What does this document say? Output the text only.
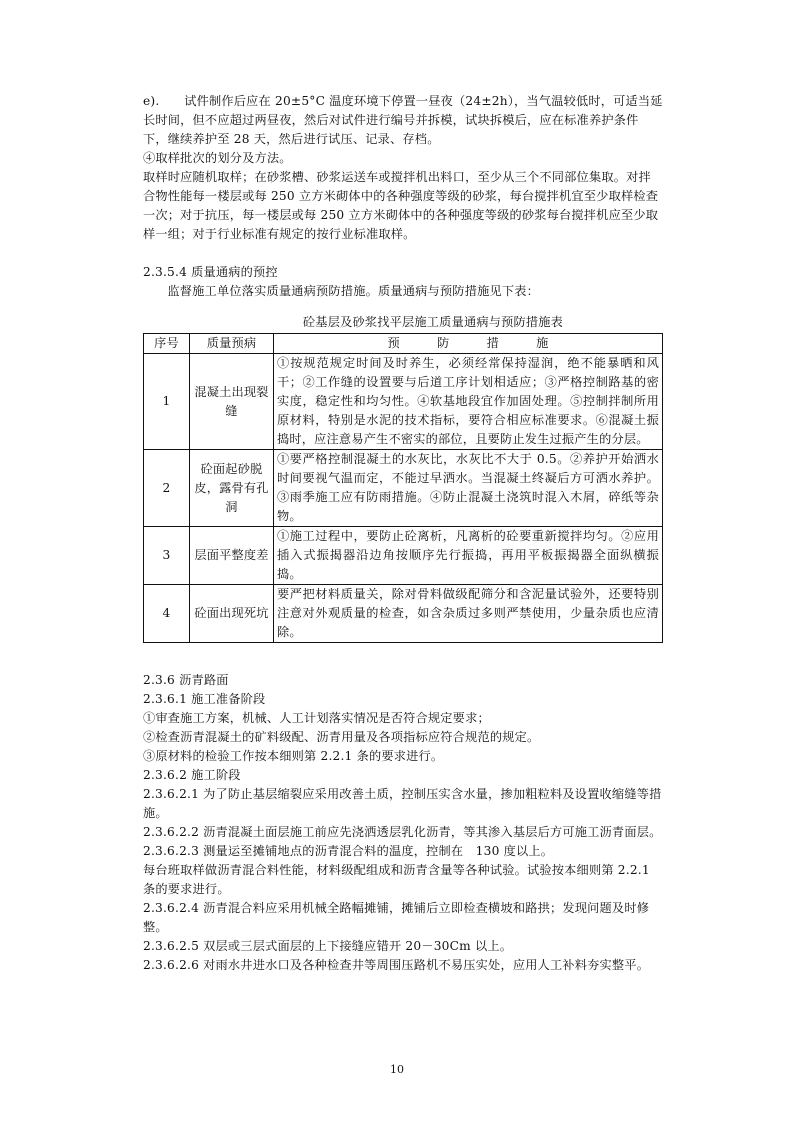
e).　　试件制作后应在 20±5°C 温度环境下停置一昼夜（24±2h），当气温较低时，可适当延长时间，但不应超过两昼夜，然后对试件进行编号并拆模，试块拆模后，应在标准养护条件下，继续养护至 28 天，然后进行试压、记录、存档。

④取样批次的划分及方法。

取样时应随机取样；在砂浆槽、砂浆运送车或搅拌机出料口，至少从三个不同部位集取。对拌合物性能每一楼层或每 250 立方米砌体中的各种强度等级的砂浆，每台搅拌机宜至少取样检查一次；对于抗压，每一楼层或每 250 立方米砌体中的各种强度等级的砂浆每台搅拌机应至少取样一组；对于行业标准有规定的按行业标准取样。

2.3.5.4 质量通病的预控

监督施工单位落实质量通病预防措施。质量通病与预防措施见下表：

砼基层及砂浆找平层施工质量通病与预防措施表
序号	质量预病	预　　　防　　　措　　　施
1	混凝土出现裂缝	①按规范规定时间及时养生，必须经常保持湿润，绝不能暴晒和风干；②工作缝的设置要与后道工序计划相适应；③严格控制路基的密实度，稳定性和均匀性。④软基地段宜作加固处理。⑤控制拌制所用原材料，特别是水泥的技术指标，要符合相应标准要求。⑥混凝土振捣时，应注意易产生不密实的部位，且要防止发生过振产生的分层。
2	砼面起砂脱皮，露骨有孔洞	①要严格控制混凝土的水灰比，水灰比不大于 0.5。②养护开始洒水时间要视气温而定，不能过早洒水。当混凝土终凝后方可洒水养护。③雨季施工应有防雨措施。④防止混凝土浇筑时混入木屑，碎纸等杂物。
3	层面平整度差	①施工过程中，要防止砼离析，凡离析的砼要重新搅拌均匀。②应用插入式振揭器沿边角按顺序先行振捣，再用平板振揭器全面纵横振捣。
4	砼面出现死坑	要严把材料质量关，除对骨料做级配筛分和含泥量试验外，还要特别注意对外观质量的检查，如含杂质过多则严禁使用，少量杂质也应清除。

2.3.6 沥青路面

2.3.6.1 施工准备阶段

①审查施工方案，机械、人工计划落实情况是否符合规定要求；

②检查沥青混凝土的矿料级配、沥青用量及各项指标应符合规范的规定。

③原材料的检验工作按本细则第 2.2.1 条的要求进行。

2.3.6.2 施工阶段

2.3.6.2.1 为了防止基层缩裂应采用改善土质，控制压实含水量，掺加粗粒料及设置收缩缝等措施。

2.3.6.2.2 沥青混凝土面层施工前应先浇洒透层乳化沥青，等其渗入基层后方可施工沥青面层。

2.3.6.2.3 测量运至摊铺地点的沥青混合料的温度，控制在　130 度以上。

每台班取样做沥青混合料性能，材料级配组成和沥青含量等各种试验。试验按本细则第 2.2.1 条的要求进行。

2.3.6.2.4 沥青混合料应采用机械全路幅摊铺，摊铺后立即检查横坡和路拱；发现问题及时修整。

2.3.6.2.5 双层或三层式面层的上下接缝应错开 20－30Cm 以上。

2.3.6.2.6 对雨水井进水口及各种检查井等周围压路机不易压实处，应用人工补料夯实整平。

10
